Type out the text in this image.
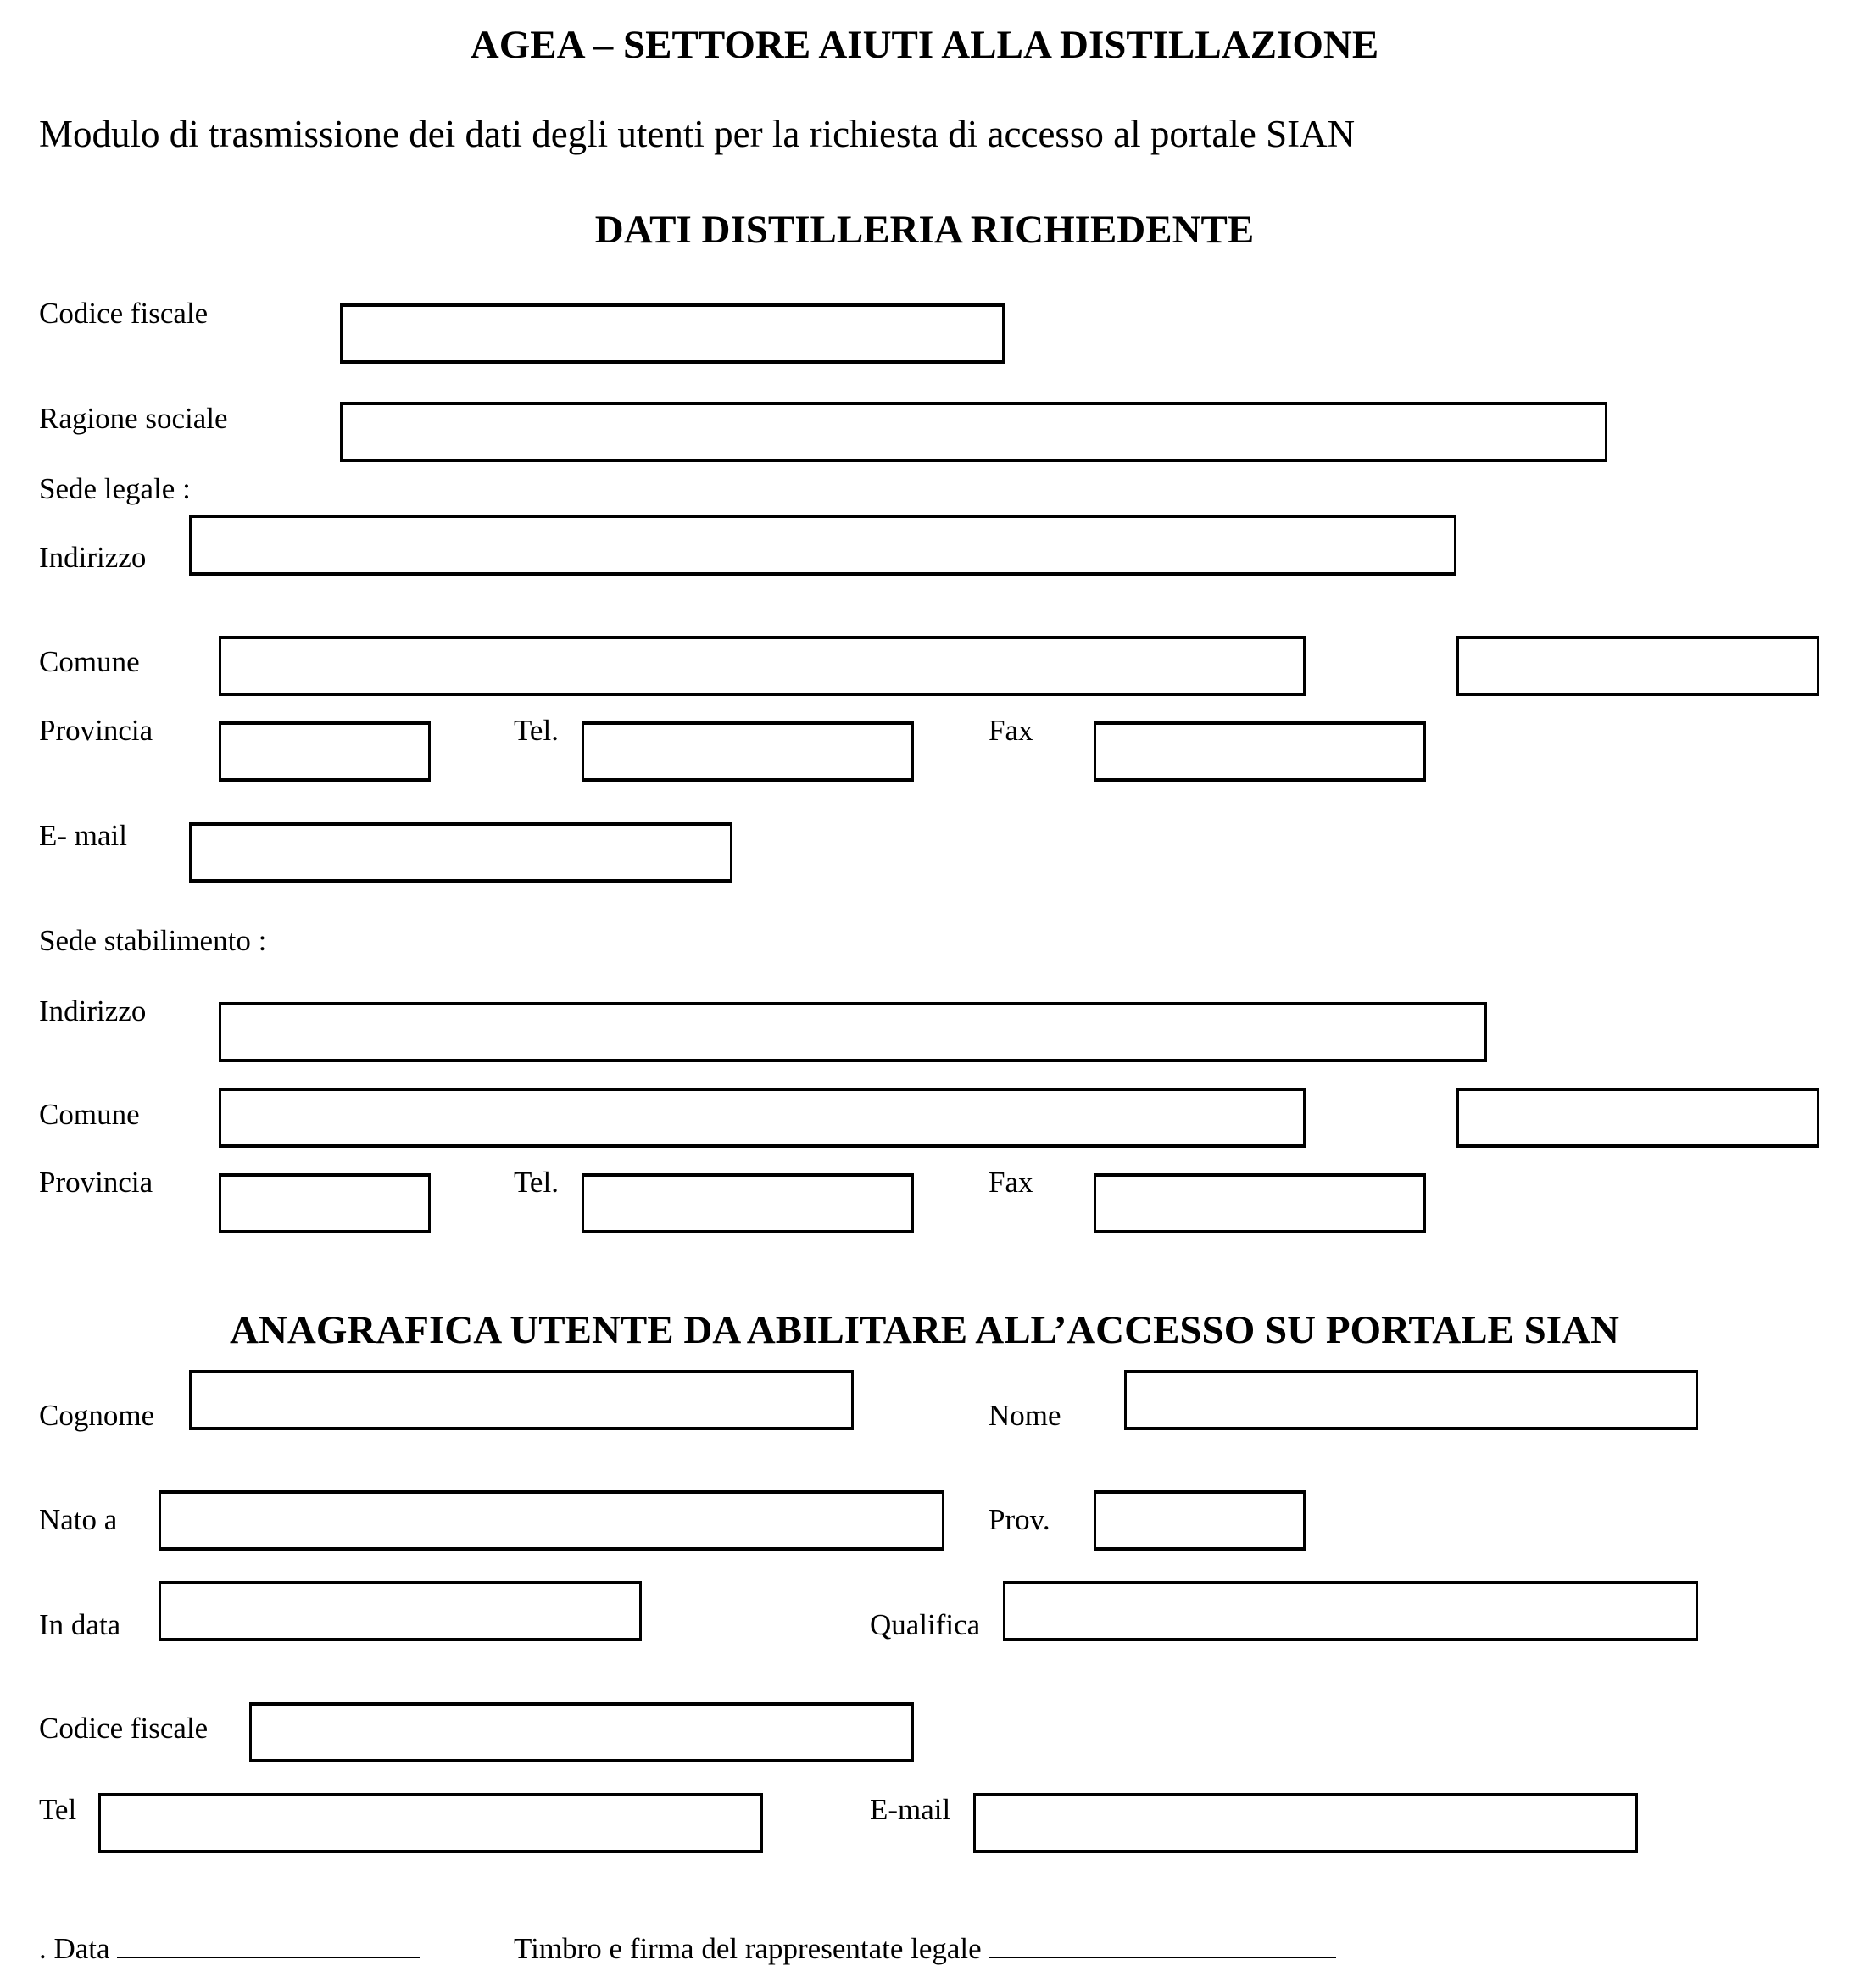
AGEA – SETTORE AIUTI ALLA DISTILLAZIONE
Modulo di trasmissione dei dati degli utenti per la richiesta di accesso al portale SIAN
DATI DISTILLERIA RICHIEDENTE
Codice fiscale
Ragione sociale
Sede legale :
Indirizzo
Comune
Provincia	Tel.	Fax
E- mail
Sede stabilimento :
Indirizzo
Comune
Provincia	Tel.	Fax
ANAGRAFICA UTENTE DA ABILITARE ALL’ACCESSO SU PORTALE SIAN
Cognome	Nome
Nato a	Prov.
In data	Qualifica
Codice fiscale
Tel	E-mail
. Data	Timbro e firma del rappresentate legale
